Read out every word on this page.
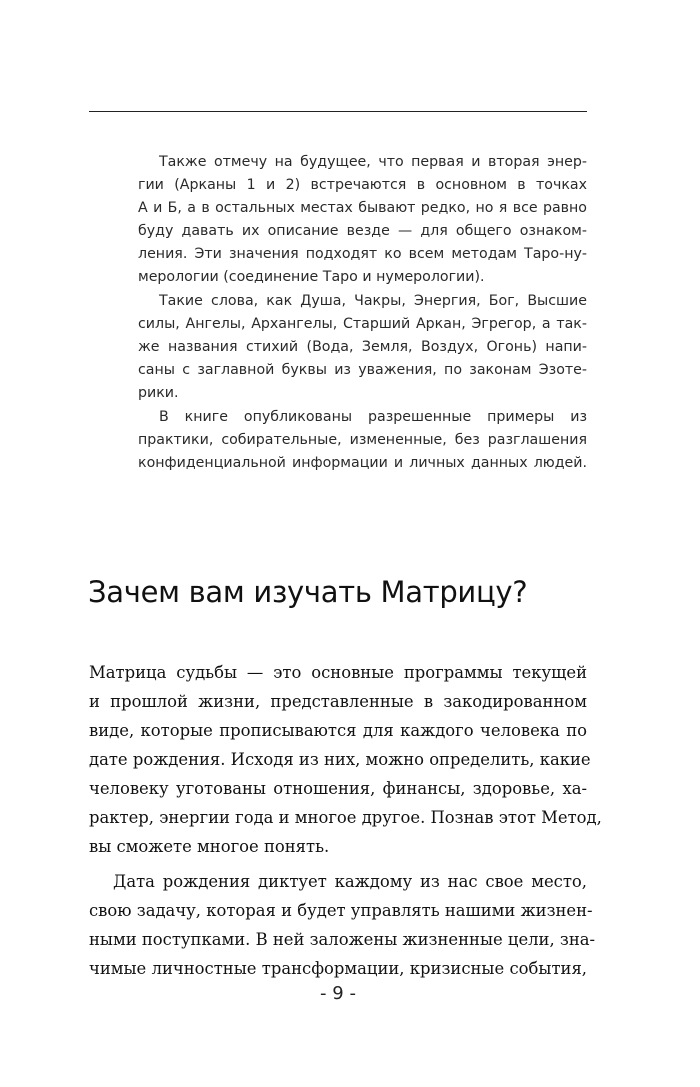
Также отмечу на будущее, что первая и вторая энер-
гии (Арканы 1 и 2) встречаются в основном в точках
А и Б, а в остальных местах бывают редко, но я все равно
буду давать их описание везде — для общего ознаком-
ления. Эти значения подходят ко всем методам Таро-ну-
мерологии (соединение Таро и нумерологии).
Такие слова, как Душа, Чакры, Энергия, Бог, Высшие
силы, Ангелы, Архангелы, Старший Аркан, Эгрегор, а так-
же названия стихий (Вода, Земля, Воздух, Огонь) напи-
саны с заглавной буквы из уважения, по законам Эзоте-
рики.
В книге опубликованы разрешенные примеры из
практики, собирательные, измененные, без разглашения
конфиденциальной информации и личных данных людей.
Зачем вам изучать Матрицу?
Матрица судьбы — это основные программы текущей
и прошлой жизни, представленные в закодированном
виде, которые прописываются для каждого человека по
дате рождения. Исходя из них, можно определить, какие
человеку уготованы отношения, финансы, здоровье, ха-
рактер, энергии года и многое другое. Познав этот Метод,
вы сможете многое понять.
Дата рождения диктует каждому из нас свое место,
свою задачу, которая и будет управлять нашими жизнен-
ными поступками. В ней заложены жизненные цели, зна-
чимые личностные трансформации, кризисные события,
- 9 -
